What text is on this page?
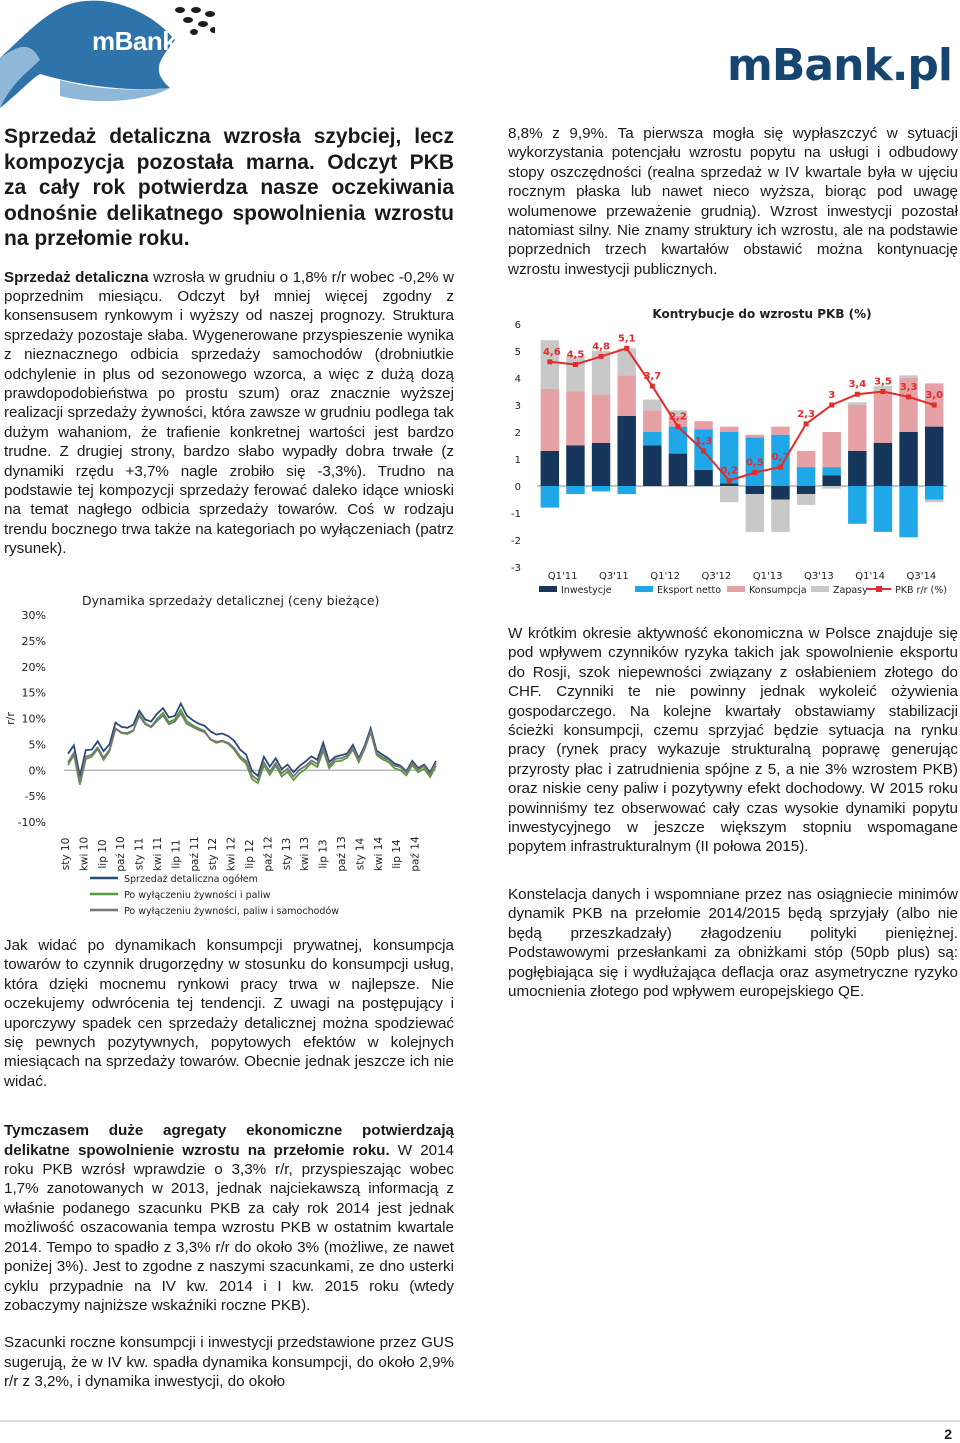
mBank	mBank.pl

Sprzedaż detaliczna wzrosła szybciej, lecz kompozycja pozostała marna. Odczyt PKB za cały rok potwierdza nasze oczekiwania odnośnie delikatnego spowolnienia wzrostu na przełomie roku.

Sprzedaż detaliczna wzrosła w grudniu o 1,8% r/r wobec -0,2% w poprzednim miesiącu. Odczyt był mniej więcej zgodny z konsensusem rynkowym i wyższy od naszej prognozy. Struktura sprzedaży pozostaje słaba. Wygenerowane przyspieszenie wynika z nieznacznego odbicia sprzedaży samochodów (drobniutkie odchylenie in plus od sezonowego wzorca, a więc z dużą dozą prawdopodobieństwa po prostu szum) oraz znacznie wyższej realizacji sprzedaży żywności, która zawsze w grudniu podlega tak dużym wahaniom, że trafienie konkretnej wartości jest bardzo trudne. Z drugiej strony, bardzo słabo wypadły dobra trwałe (z dynamiki rzędu +3,7% nagle zrobiło się -3,3%). Trudno na podstawie tej kompozycji sprzedaży ferować daleko idące wnioski na temat nagłego odbicia sprzedaży towarów. Coś w rodzaju trendu bocznego trwa także na kategoriach po wyłączeniach (patrz rysunek).

Dynamika sprzedaży detalicznej (ceny bieżące)
r/r
30%
25%
20%
15%
10%
5%
0%
-5%
-10%
sty 10 kwi 10 lip 10 paź 10 sty 11 kwi 11 lip 11 paź 11 sty 12 kwi 12 lip 12 paź 12 sty 13 kwi 13 lip 13 paź 13 sty 14 kwi 14 lip 14 paź 14
Sprzedaż detaliczna ogółem
Po wyłączeniu żywności i paliw
Po wyłączeniu żywności, paliw i samochodów

Jak widać po dynamikach konsumpcji prywatnej, konsumpcja towarów to czynnik drugorzędny w stosunku do konsumpcji usług, która dzięki mocnemu rynkowi pracy trwa w najlepsze. Nie oczekujemy odwrócenia tej tendencji. Z uwagi na postępujący i uporczywy spadek cen sprzedaży detalicznej można spodziewać się pewnych pozytywnych, popytowych efektów w kolejnych miesiącach na sprzedaży towarów. Obecnie jednak jeszcze ich nie widać.

Tymczasem duże agregaty ekonomiczne potwierdzają delikatne spowolnienie wzrostu na przełomie roku. W 2014 roku PKB wzrósł wprawdzie o 3,3% r/r, przyspieszając wobec 1,7% zanotowanych w 2013, jednak najciekawszą informacją z właśnie podanego szacunku PKB za cały rok 2014 jest jednak możliwość oszacowania tempa wzrostu PKB w ostatnim kwartale 2014. Tempo to spadło z 3,3% r/r do około 3% (możliwe, ze nawet poniżej 3%). Jest to zgodne z naszymi szacunkami, ze dno usterki cyklu przypadnie na IV kw. 2014 i I kw. 2015 roku (wtedy zobaczymy najniższe wskaźniki roczne PKB).

Szacunki roczne konsumpcji i inwestycji przedstawione przez GUS sugerują, że w IV kw. spadła dynamika konsumpcji, do około 2,9% r/r z 3,2%, i dynamika inwestycji, do około

8,8% z 9,9%. Ta pierwsza mogła się wypłaszczyć w sytuacji wykorzystania potencjału wzrostu popytu na usługi i odbudowy stopy oszczędności (realna sprzedaż w IV kwartale była w ujęciu rocznym płaska lub nawet nieco wyższa, biorąc pod uwagę wolumenowe przeważenie grudnią). Wzrost inwestycji pozostał natomiast silny. Nie znamy struktury ich wzrostu, ale na podstawie poprzednich trzech kwartałów obstawić można kontynuację wzrostu inwestycji publicznych.

Kontrybucje do wzrostu PKB (%)
-3
-2
-1
0
1
2
3
4
5
6
4,6 4,5
4,8
5,1
3,7
2,2
1,3
0,2
0,5 0,7
2,3
3
3,4 3,5 3,3
3,0
Q1'11 Q3'11 Q1'12 Q3'12 Q1'13 Q3'13 Q1'14 Q3'14
Inwestycje	Eksport netto	Konsumpcja	Zapasy	PKB r/r (%)

W krótkim okresie aktywność ekonomiczna w Polsce znajduje się pod wpływem czynników ryzyka takich jak spowolnienie eksportu do Rosji, szok niepewności związany z osłabieniem złotego do CHF. Czynniki te nie powinny jednak wykoleić ożywienia gospodarczego. Na kolejne kwartały obstawiamy stabilizacji ścieżki konsumpcji, czemu sprzyjać będzie sytuacja na rynku pracy (rynek pracy wykazuje strukturalną poprawę generując przyrosty płac i zatrudnienia spójne z 5, a nie 3% wzrostem PKB) oraz niskie ceny paliw i pozytywny efekt dochodowy. W 2015 roku powinniśmy tez obserwować cały czas wysokie dynamiki popytu inwestycyjnego w jeszcze większym stopniu wspomagane popytem infrastrukturalnym (II połowa 2015).

Konstelacja danych i wspomniane przez nas osiągniecie minimów dynamik PKB na przełomie 2014/2015 będą sprzyjały (albo nie będą przeszkadzały) złagodzeniu polityki pieniężnej. Podstawowymi przesłankami za obniżkami stóp (50pb plus) są: pogłębiająca się i wydłużająca deflacja oraz asymetryczne ryzyko umocnienia złotego pod wpływem europejskiego QE.

2
